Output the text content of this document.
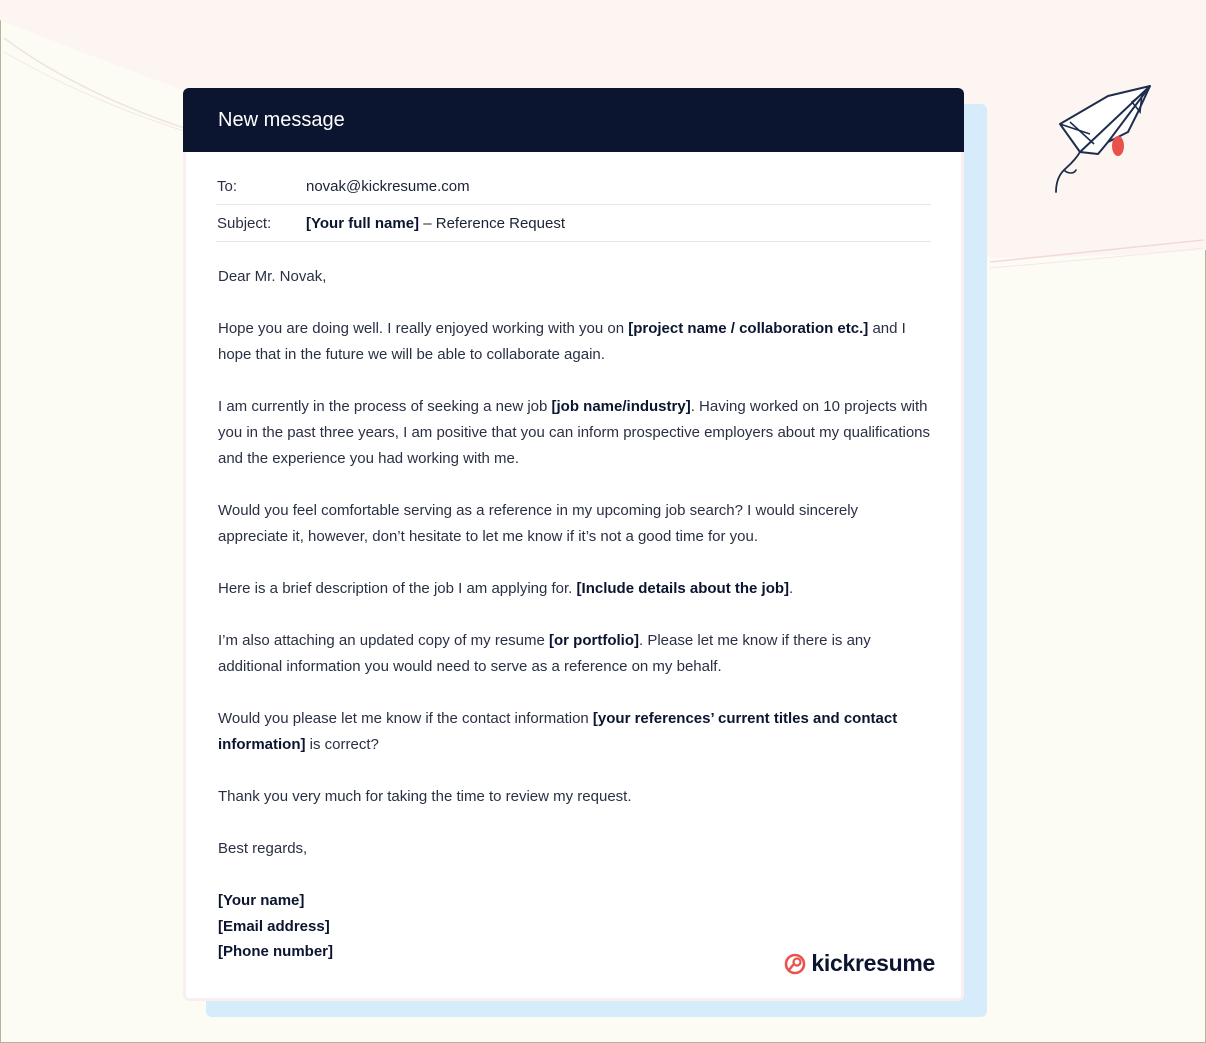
New message
To:	novak@kickresume.com
Subject:	[Your full name] – Reference Request

Dear Mr. Novak,

Hope you are doing well. I really enjoyed working with you on [project name / collaboration etc.] and I hope that in the future we will be able to collaborate again.

I am currently in the process of seeking a new job [job name/industry]. Having worked on 10 projects with you in the past three years, I am positive that you can inform prospective employers about my qualifications and the experience you had working with me.

Would you feel comfortable serving as a reference in my upcoming job search? I would sincerely appreciate it, however, don’t hesitate to let me know if it’s not a good time for you.

Here is a brief description of the job I am applying for. [Include details about the job].

I’m also attaching an updated copy of my resume [or portfolio]. Please let me know if there is any additional information you would need to serve as a reference on my behalf.

Would you please let me know if the contact information [your references’ current titles and contact information] is correct?

Thank you very much for taking the time to review my request.

Best regards,

[Your name]

[Email address]

[Phone number]	kickresume
